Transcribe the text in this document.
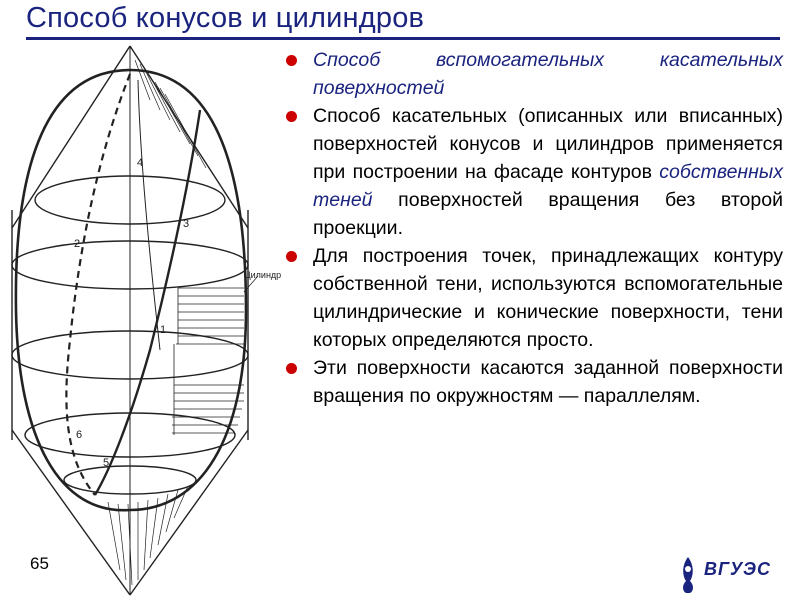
Способ конусов и цилиндров
4
3
2
1
6
5
Цилиндр
Способ вспомогательных касательных поверхностей
Способ касательных (описанных или вписанных) поверхностей конусов и цилиндров применяется при построении на фасаде контуров собственных теней поверхностей вращения без второй проекции.
Для построения точек, принадлежащих контуру собственной тени, используются вспомогательные цилиндрические и конические поверхности, тени которых определяются просто.
Эти поверхности касаются заданной поверхности вращения по окружностям — параллелям.
65	ВГУЭС
